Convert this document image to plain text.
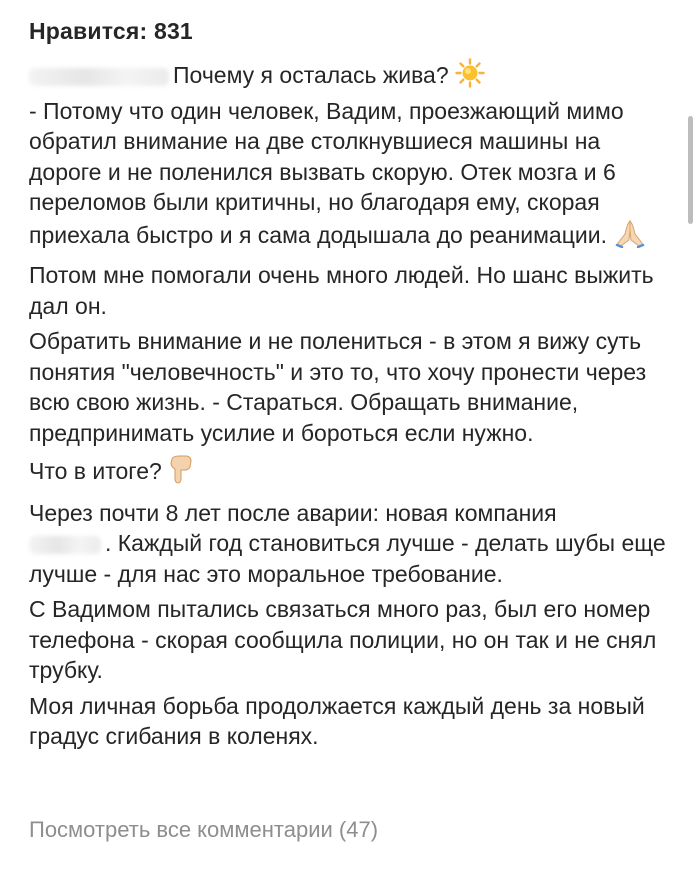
Нравится: 831

Почему я осталась жива?
- Потому что один человек, Вадим, проезжающий мимо обратил внимание на две столкнувшиеся машины на дороге и не поленился вызвать скорую. Отек мозга и 6 переломов были критичны, но благодаря ему, скорая приехала быстро и я сама додышала до реанимации.

Потом мне помогали очень много людей. Но шанс выжить дал он.

Обратить внимание и не полениться - в этом я вижу суть понятия "человечность" и это то, что хочу пронести через всю свою жизнь. - Стараться. Обращать внимание, предпринимать усилие и бороться если нужно.

Что в итоге?

Через почти 8 лет после аварии: новая компания
. Каждый год становиться лучше - делать шубы еще лучше - для нас это моральное требование.

С Вадимом пытались связаться много раз, был его номер телефона - скорая сообщила полиции, но он так и не снял трубку.

Моя личная борьба продолжается каждый день за новый градус сгибания в коленях.

Посмотреть все комментарии (47)
